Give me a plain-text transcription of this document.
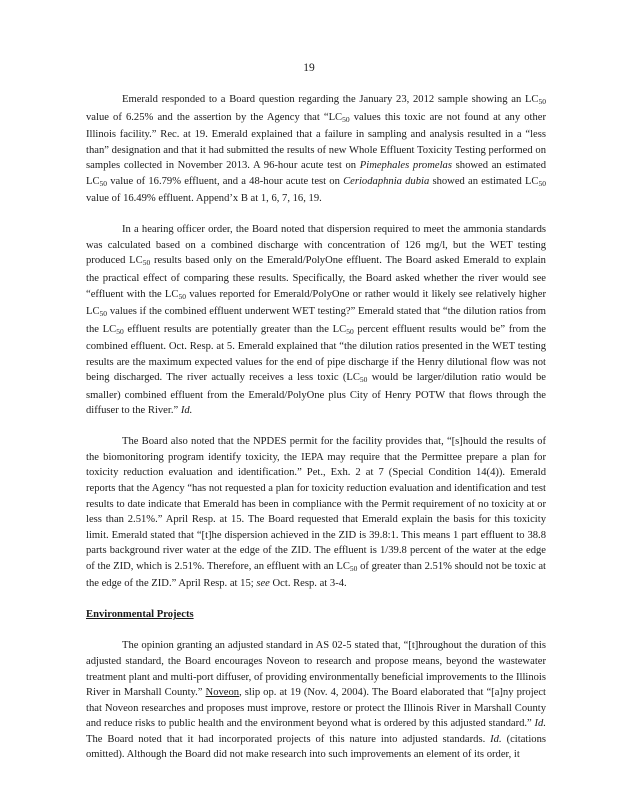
19

Emerald responded to a Board question regarding the January 23, 2012 sample showing an $LC_{50}$ value of 6.25% and the assertion by the Agency that “$LC_{50}$ values this toxic are not found at any other Illinois facility.” Rec. at 19. Emerald explained that a failure in sampling and analysis resulted in a “less than” designation and that it had submitted the results of new Whole Effluent Toxicity Testing performed on samples collected in November 2013. A 96-hour acute test on Pimephales promelas showed an estimated $LC_{50}$ value of 16.79% effluent, and a 48-hour acute test on Ceriodaphnia dubia showed an estimated $LC_{50}$ value of 16.49% effluent. Append’x B at 1, 6, 7, 16, 19.

In a hearing officer order, the Board noted that dispersion required to meet the ammonia standards was calculated based on a combined discharge with concentration of 126 mg/l, but the WET testing produced $LC_{50}$ results based only on the Emerald/PolyOne effluent. The Board asked Emerald to explain the practical effect of comparing these results. Specifically, the Board asked whether the river would see “effluent with the $LC_{50}$ values reported for Emerald/PolyOne or rather would it likely see relatively higher $LC_{50}$ values if the combined effluent underwent WET testing?” Emerald stated that “the dilution ratios from the $LC_{50}$ effluent results are potentially greater than the $LC_{50}$ percent effluent results would be” from the combined effluent. Oct. Resp. at 5. Emerald explained that “the dilution ratios presented in the WET testing results are the maximum expected values for the end of pipe discharge if the Henry dilutional flow was not being discharged. The river actually receives a less toxic ($LC_{50}$ would be larger/dilution ratio would be smaller) combined effluent from the Emerald/PolyOne plus City of Henry POTW that flows through the diffuser to the River.” Id.

The Board also noted that the NPDES permit for the facility provides that, “[s]hould the results of the biomonitoring program identify toxicity, the IEPA may require that the Permittee prepare a plan for toxicity reduction evaluation and identification.” Pet., Exh. 2 at 7 (Special Condition 14(4)). Emerald reports that the Agency “has not requested a plan for toxicity reduction evaluation and identification and test results to date indicate that Emerald has been in compliance with the Permit requirement of no toxicity at or less than 2.51%.” April Resp. at 15. The Board requested that Emerald explain the basis for this toxicity limit. Emerald stated that “[t]he dispersion achieved in the ZID is 39.8:1. This means 1 part effluent to 38.8 parts background river water at the edge of the ZID. The effluent is 1/39.8 percent of the water at the edge of the ZID, which is 2.51%. Therefore, an effluent with an $LC_{50}$ of greater than 2.51% should not be toxic at the edge of the ZID.” April Resp. at 15; see Oct. Resp. at 3-4.

Environmental Projects

The opinion granting an adjusted standard in AS 02-5 stated that, “[t]hroughout the duration of this adjusted standard, the Board encourages Noveon to research and propose means, beyond the wastewater treatment plant and multi-port diffuser, of providing environmentally beneficial improvements to the Illinois River in Marshall County.” Noveon, slip op. at 19 (Nov. 4, 2004). The Board elaborated that “[a]ny project that Noveon researches and proposes must improve, restore or protect the Illinois River in Marshall County and reduce risks to public health and the environment beyond what is ordered by this adjusted standard.” Id. The Board noted that it had incorporated projects of this nature into adjusted standards. Id. (citations omitted). Although the Board did not make research into such improvements an element of its order, it
